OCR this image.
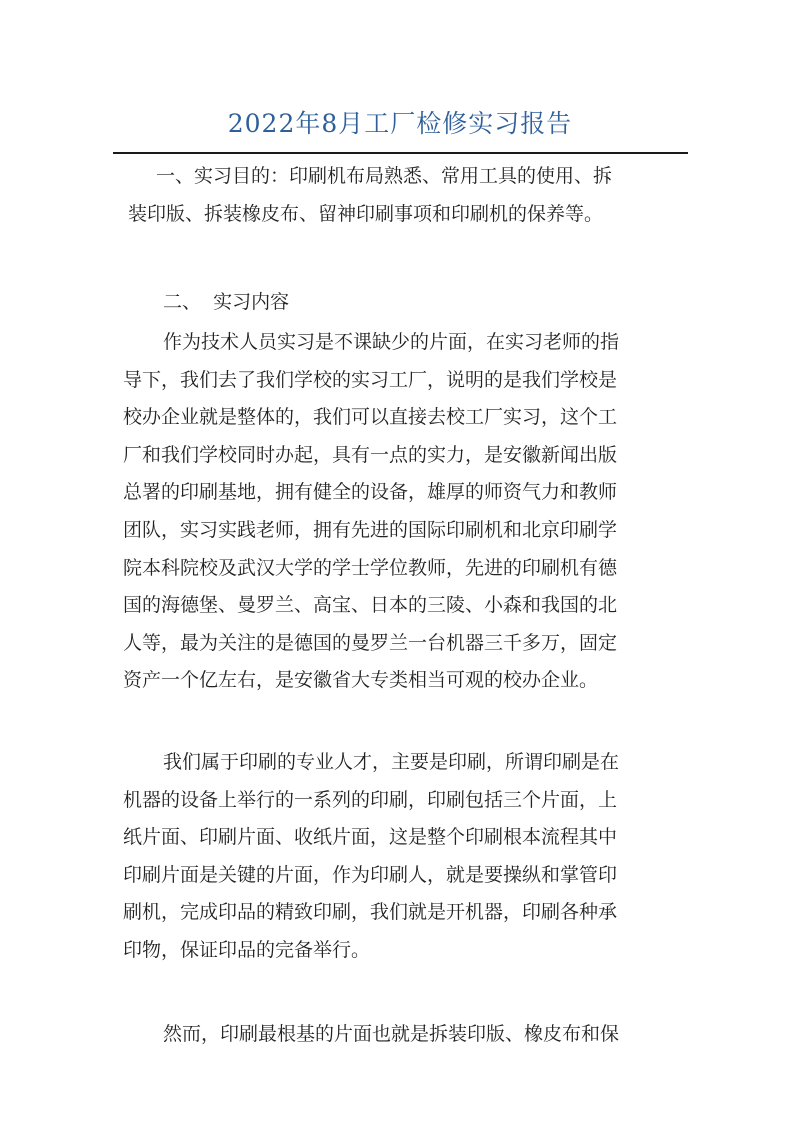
2022年8月工厂检修实习报告
一、实习目的：印刷机布局熟悉、常用工具的使用、拆
装印版、拆装橡皮布、留神印刷事项和印刷机的保养等。
二、  实习内容
作为技术人员实习是不课缺少的片面，在实习老师的指
导下，我们去了我们学校的实习工厂，说明的是我们学校是
校办企业就是整体的，我们可以直接去校工厂实习，这个工
厂和我们学校同时办起，具有一点的实力，是安徽新闻出版
总署的印刷基地，拥有健全的设备，雄厚的师资气力和教师
团队，实习实践老师，拥有先进的国际印刷机和北京印刷学
院本科院校及武汉大学的学士学位教师，先进的印刷机有德
国的海德堡、曼罗兰、高宝、日本的三陵、小森和我国的北
人等，最为关注的是德国的曼罗兰一台机器三千多万，固定
资产一个亿左右，是安徽省大专类相当可观的校办企业。
我们属于印刷的专业人才，主要是印刷，所谓印刷是在
机器的设备上举行的一系列的印刷，印刷包括三个片面，上
纸片面、印刷片面、收纸片面，这是整个印刷根本流程其中
印刷片面是关键的片面，作为印刷人，就是要操纵和掌管印
刷机，完成印品的精致印刷，我们就是开机器，印刷各种承
印物，保证印品的完备举行。
然而，印刷最根基的片面也就是拆装印版、橡皮布和保
